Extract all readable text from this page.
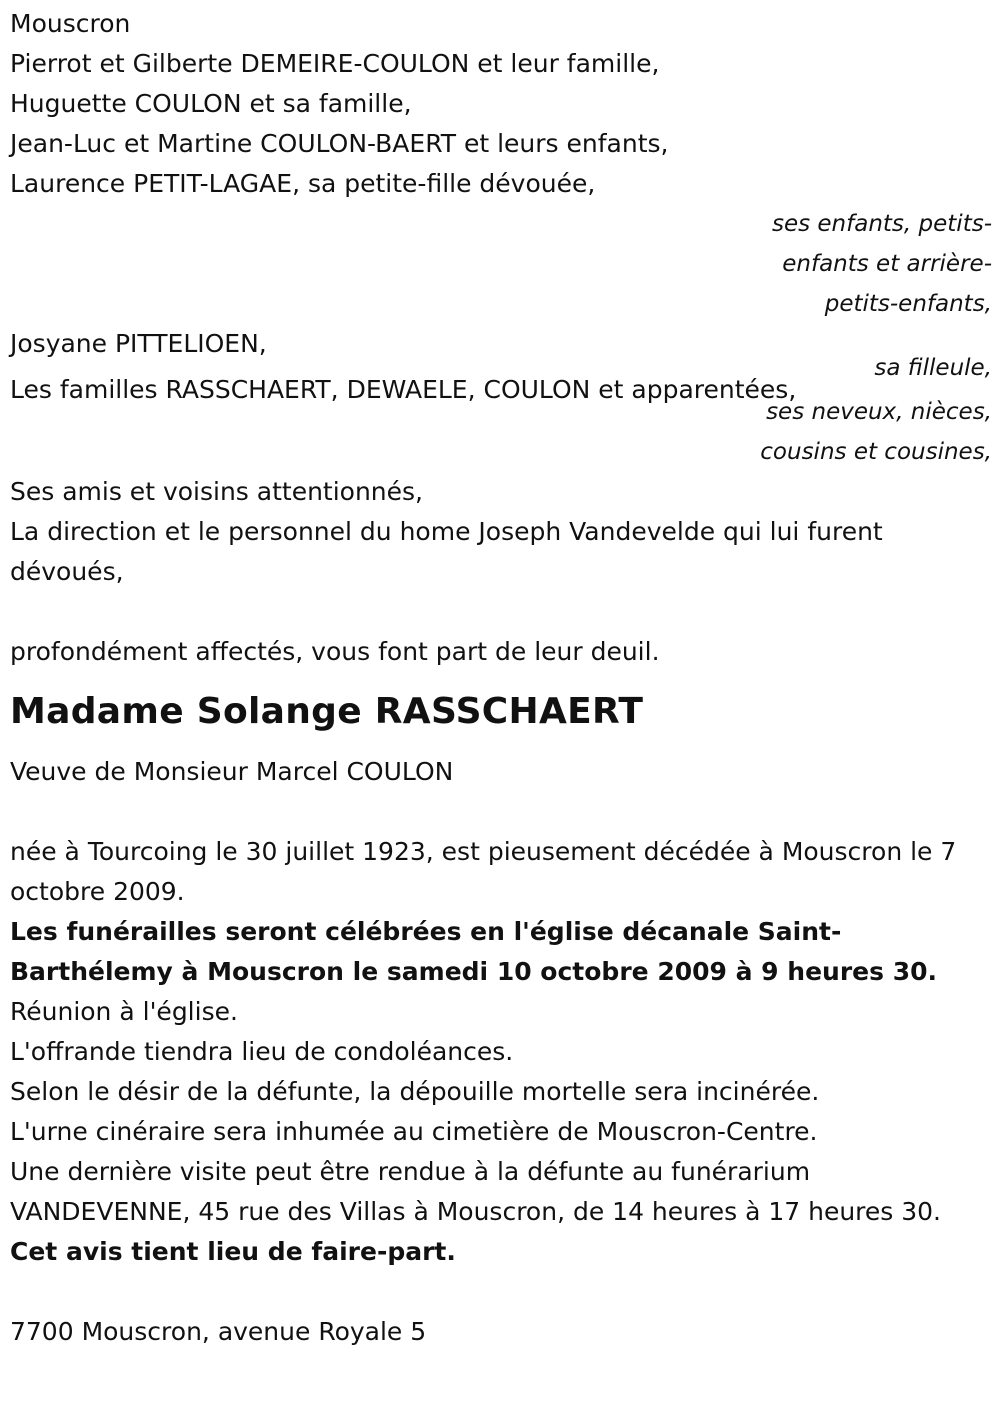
Mouscron
Pierrot et Gilberte DEMEIRE-COULON et leur famille,
Huguette COULON et sa famille,
Jean-Luc et Martine COULON-BAERT et leurs enfants,
Laurence PETIT-LAGAE, sa petite-fille dévouée,
ses enfants, petits-
enfants et arrière-
petits-enfants,
Josyane PITTELIOEN,
sa filleule,
Les familles RASSCHAERT, DEWAELE, COULON et apparentées,
ses neveux, nièces,
cousins et cousines,
Ses amis et voisins attentionnés,
La direction et le personnel du home Joseph Vandevelde qui lui furent dévoués,
profondément affectés, vous font part de leur deuil.
Madame Solange RASSCHAERT
Veuve de Monsieur Marcel COULON
née à Tourcoing le 30 juillet 1923, est pieusement décédée à Mouscron le 7 octobre 2009.
Les funérailles seront célébrées en l'église décanale Saint-Barthélemy à Mouscron le samedi 10 octobre 2009 à 9 heures 30.
Réunion à l'église.
L'offrande tiendra lieu de condoléances.
Selon le désir de la défunte, la dépouille mortelle sera incinérée.
L'urne cinéraire sera inhumée au cimetière de Mouscron-Centre.
Une dernière visite peut être rendue à la défunte au funérarium VANDEVENNE, 45 rue des Villas à Mouscron, de 14 heures à 17 heures 30.
Cet avis tient lieu de faire-part.
7700 Mouscron, avenue Royale 5
